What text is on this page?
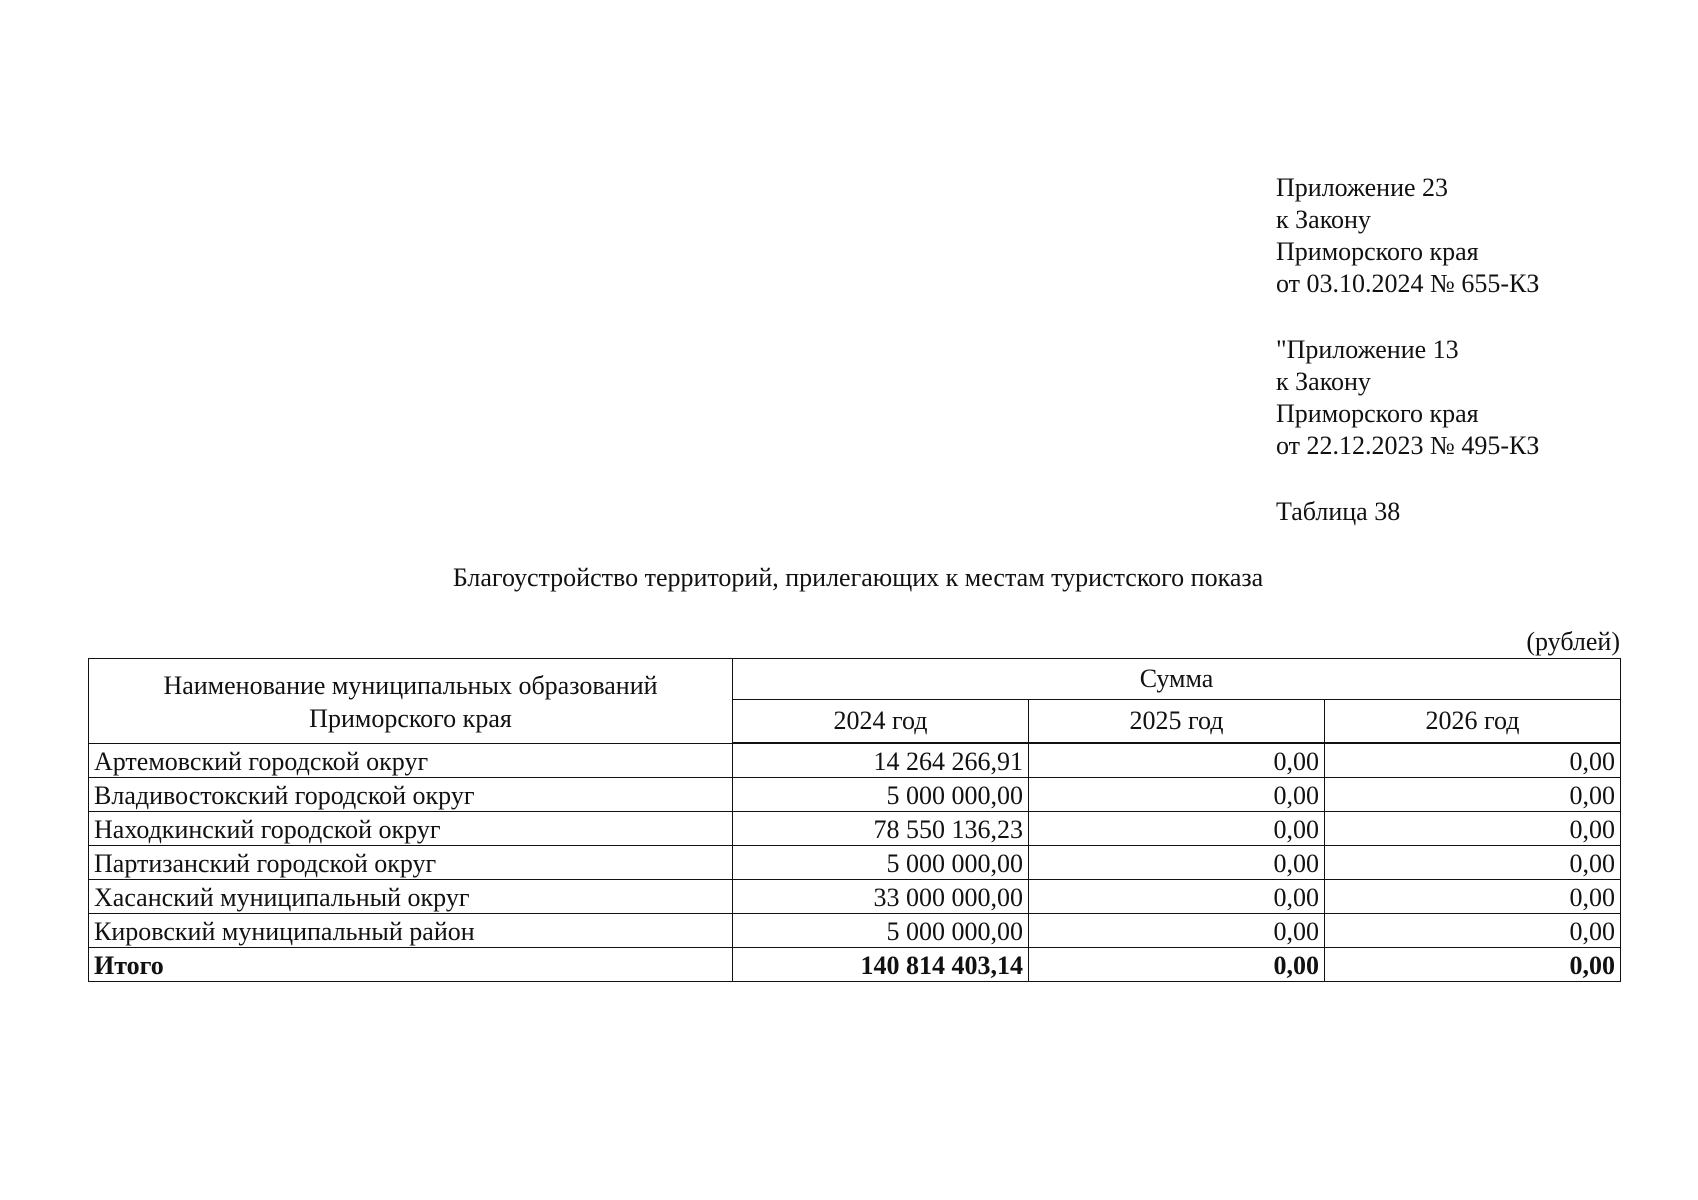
Приложение 23
к Закону
Приморского края
от 03.10.2024 № 655-КЗ
"Приложение 13
к Закону
Приморского края
от 22.12.2023 № 495-КЗ
Таблица 38
Благоустройство территорий, прилегающих к местам туристского показа
(рублей)
Наименование муниципальных образований
Приморского края	Сумма		
	2024 год	2025 год	2026 год
Артемовский городской округ	14 264 266,91	0,00	0,00
Владивостокский городской округ	5 000 000,00	0,00	0,00
Находкинский городской округ	78 550 136,23	0,00	0,00
Партизанский городской округ	5 000 000,00	0,00	0,00
Хасанский муниципальный округ	33 000 000,00	0,00	0,00
Кировский муниципальный район	5 000 000,00	0,00	0,00
Итого	140 814 403,14	0,00	0,00
